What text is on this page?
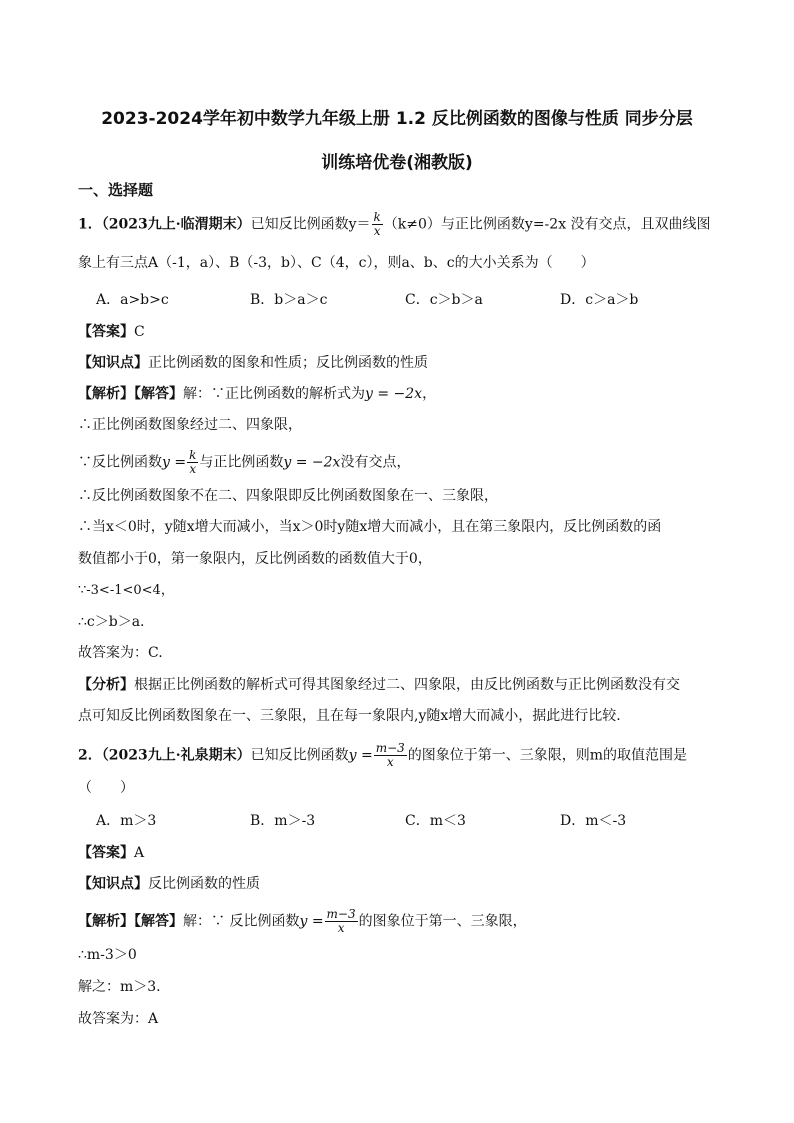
2023-2024学年初中数学九年级上册 1.2 反比例函数的图像与性质 同步分层
训练培优卷(湘教版)
一、选择题
1．（2023九上·临渭期末）已知反比例函数$y= \frac{k}{x} (k\ne 0)$与正比例函数y=-2x 没有交点，且双曲线图
象上有三点A（-1，a）、B（-3，b）、C（4，c），则a、b、c的大小关系为（　　）
A．a>b>c	B．b＞a＞c	C．c＞b＞a	D．c＞a＞b
【答案】C
【知识点】正比例函数的图象和性质；反比例函数的性质
【解析】【解答】解：∵正比例函数的解析式为y = −2x，
∴正比例函数图象经过二、四象限，
∵反比例函数$y = \frac{k}{x}$ 与正比例函数y = −2x没有交点，
∴反比例函数图象不在二、四象限即反比例函数图象在一、三象限，
∴当x＜0时，y随x增大而减小，当x＞0时y随x增大而减小，且在第三象限内，反比例函数的函
数值都小于0，第一象限内，反比例函数的函数值大于0，
∵-3<-1<0<4，
∴c＞b＞a.
故答案为：C.
【分析】根据正比例函数的解析式可得其图象经过二、四象限，由反比例函数与正比例函数没有交
点可知反比例函数图象在一、三象限，且在每一象限内,y随x增大而减小，据此进行比较.
2．（2023九上·礼泉期末）已知反比例函数$y = \frac{m-3}{x}$ 的图象位于第一、三象限，则m的取值范围是
（　　）
A．m＞3	B．m＞-3	C．m＜3	D．m＜-3
【答案】A
【知识点】反比例函数的性质
【解析】【解答】解：∵ 反比例函数$y = \frac{m-3}{x}$ 的图象位于第一、三象限，
∴m-3＞0
解之：m＞3.
故答案为：A
